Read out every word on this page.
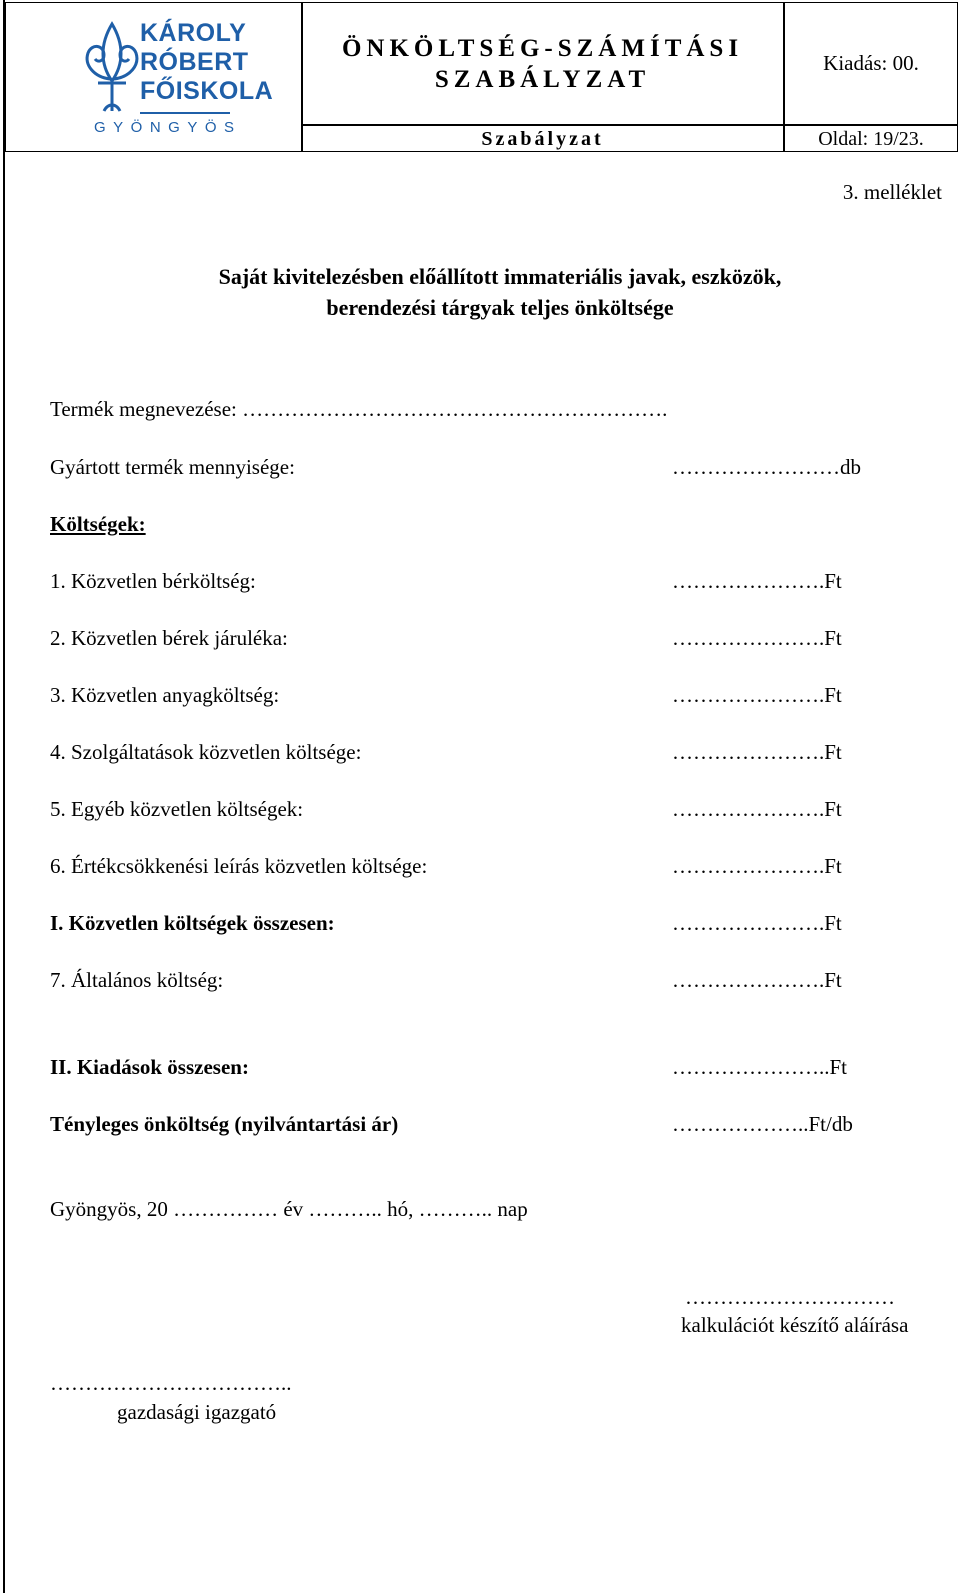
KÁROLY
RÓBERT
FŐISKOLA
GYÖNGYÖS
ÖNKÖLTSÉG-SZÁMÍTÁSI
SZABÁLYZAT
Kiadás: 00.
Szabályzat	Oldal: 19/23.
3. melléklet
Saját kivitelezésben előállított immateriális javak, eszközök,
berendezési tárgyak teljes önköltsége
Termék megnevezése: …………………………………………………….
Gyártott termék mennyisége:	……………………db
Költségek:
1. Közvetlen bérköltség:	………………….Ft
2. Közvetlen bérek járuléka:	………………….Ft
3. Közvetlen anyagköltség:	………………….Ft
4. Szolgáltatások közvetlen költsége:	………………….Ft
5. Egyéb közvetlen költségek:	………………….Ft
6. Értékcsökkenési leírás közvetlen költsége:	………………….Ft
I. Közvetlen költségek összesen:	………………….Ft
7. Általános költség:	………………….Ft
II. Kiadások összesen:	…………………..Ft
Tényleges önköltség (nyilvántartási ár)	………………..Ft/db
Gyöngyös, 20 …………… év ……….. hó, ……….. nap
…………………………
kalkulációt készítő aláírása
……………………………..
gazdasági igazgató
